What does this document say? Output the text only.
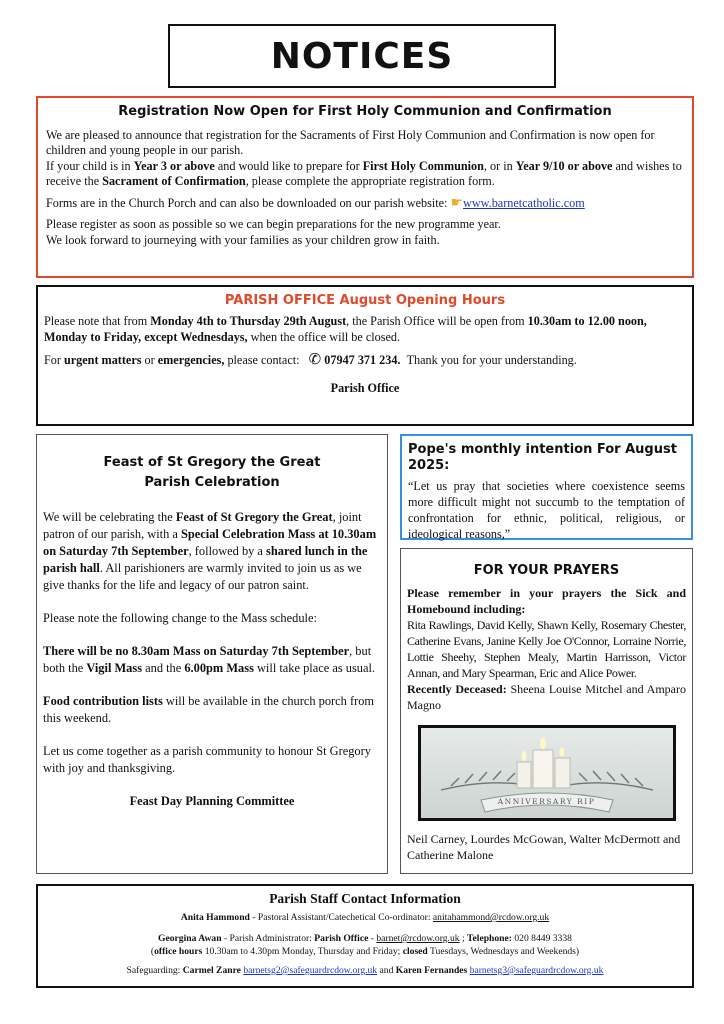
NOTICES
Registration Now Open for First Holy Communion and Confirmation

We are pleased to announce that registration for the Sacraments of First Holy Communion and Confirmation is now open for children and young people in our parish.
If your child is in Year 3 or above and would like to prepare for First Holy Communion, or in Year 9/10 or above and wishes to receive the Sacrament of Confirmation, please complete the appropriate registration form.

Forms are in the Church Porch and can also be downloaded on our parish website: ☛www.barnetcatholic.com

Please register as soon as possible so we can begin preparations for the new programme year.
We look forward to journeying with your families as your children grow in faith.

PARISH OFFICE August Opening Hours

Please note that from Monday 4th to Thursday 29th August, the Parish Office will be open from 10.30am to 12.00 noon, Monday to Friday, except Wednesdays, when the office will be closed.

For urgent matters or emergencies, please contact: ✆ 07947 371 234. Thank you for your understanding.

Parish Office

Feast of St Gregory the Great
Parish Celebration

We will be celebrating the Feast of St Gregory the Great, joint patron of our parish, with a Special Celebration Mass at 10.30am on Saturday 7th September, followed by a shared lunch in the parish hall. All parishioners are warmly invited to join us as we give thanks for the life and legacy of our patron saint.

Please note the following change to the Mass schedule:

There will be no 8.30am Mass on Saturday 7th September, but both the Vigil Mass and the 6.00pm Mass will take place as usual.

Food contribution lists will be available in the church porch from this weekend.

Let us come together as a parish community to honour St Gregory with joy and thanksgiving.

Feast Day Planning Committee

Pope's monthly intention For August 2025:

“Let us pray that societies where coexistence seems more difficult might not succumb to the temptation of confrontation for ethnic, political, religious, or ideological reasons,”

FOR YOUR PRAYERS

Please remember in your prayers the Sick and Homebound including:

Rita Rawlings, David Kelly, Shawn Kelly, Rosemary Chester, Catherine Evans, Janine Kelly Joe O'Connor, Lorraine Norrie, Lottie Sheehy, Stephen Mealy, Martin Harrisson, Victor Annan, and Mary Spearman, Eric and Alice Power.

Recently Deceased: Sheena Louise Mitchel and Amparo Magno

ANNIVERSARY RIP

Neil Carney, Lourdes McGowan, Walter McDermott and Catherine Malone

Parish Staff Contact Information

Anita Hammond - Pastoral Assistant/Catechetical Co-ordinator: anitahammond@rcdow.org.uk

Georgina Awan - Parish Administrator: Parish Office - barnet@rcdow.org.uk ; Telephone: 020 8449 3338

(office hours 10.30am to 4.30pm Monday, Thursday and Friday; closed Tuesdays, Wednesdays and Weekends)

Safeguarding: Carmel Zanre barnetsg2@safeguardrcdow.org.uk and Karen Fernandes barnetsg3@safeguardrcdow.org.uk
